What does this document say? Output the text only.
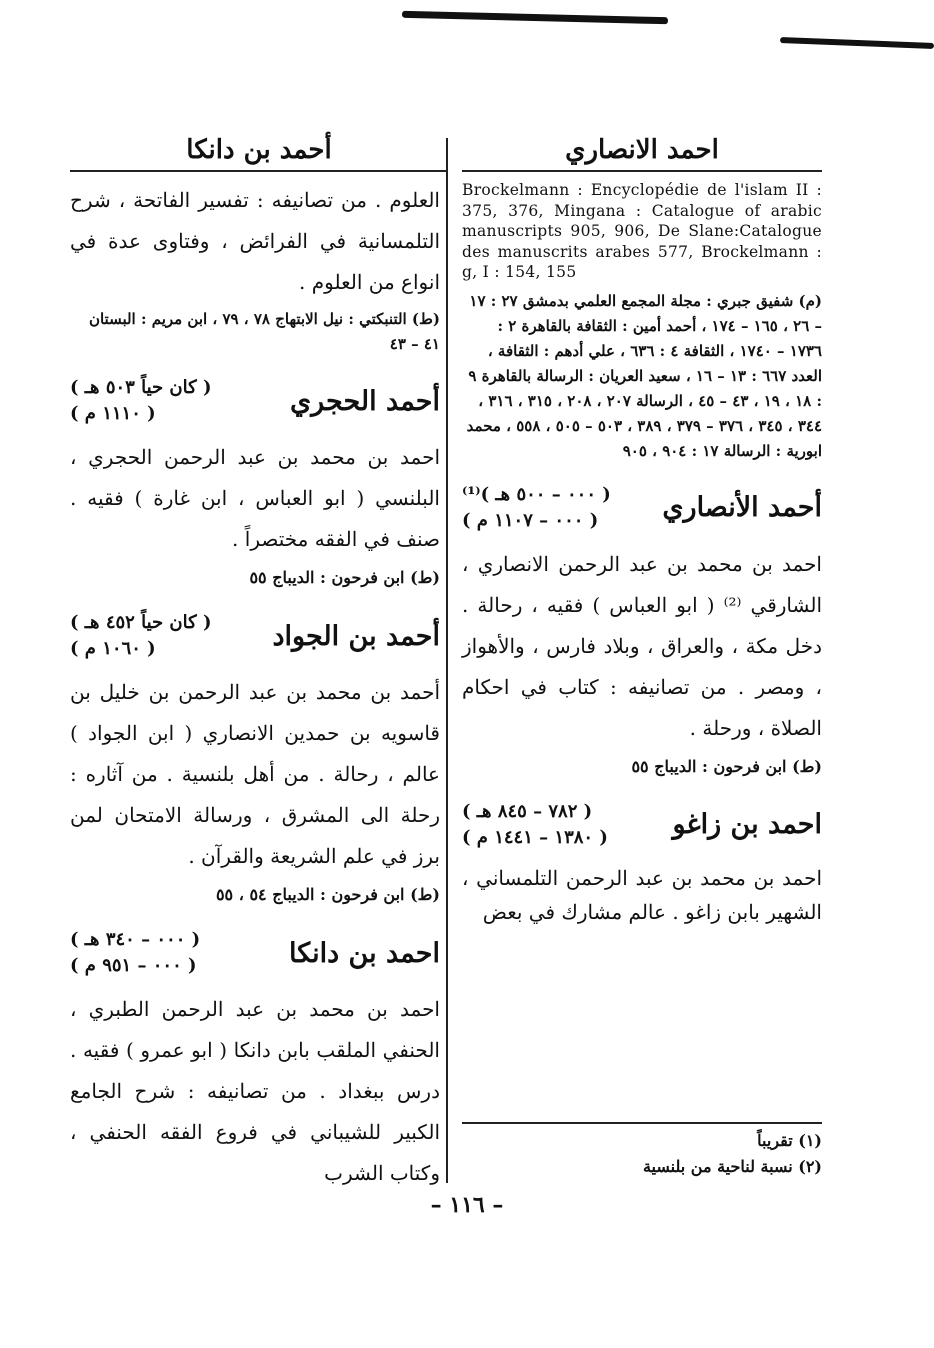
أحمد بن دانكا

العلوم . من تصانيفه : تفسير الفاتحة ، شرح التلمسانية في الفرائض ، وفتاوى عدة في انواع من العلوم .

(ط) التنبكتي : نيل الابتهاج ٧٨ ، ٧٩ ، ابن مريم : البستان ٤١ – ٤٣
أحمد الحجري
( كان حياً ٥٠٣ هـ )
( ١١١٠ م )

احمد بن محمد بن عبد الرحمن الحجري ، البلنسي ( ابو العباس ، ابن غارة ) فقيه . صنف في الفقه مختصراً .

(ط) ابن فرحون : الديباج ٥٥
أحمد بن الجواد
( كان حياً ٤٥٢ هـ )
( ١٠٦٠ م )

أحمد بن محمد بن عبد الرحمن بن خليل بن قاسويه بن حمدين الانصاري ( ابن الجواد ) عالم ، رحالة . من أهل بلنسية . من آثاره : رحلة الى المشرق ، ورسالة الامتحان لمن برز في علم الشريعة والقرآن .

(ط) ابن فرحون : الديباج ٥٤ ، ٥٥
احمد بن دانكا
( ٠٠٠ – ٣٤٠ هـ )
( ٠٠٠ – ٩٥١ م )

احمد بن محمد بن عبد الرحمن الطبري ، الحنفي الملقب بابن دانكا ( ابو عمرو ) فقيه . درس ببغداد . من تصانيفه : شرح الجامع الكبير للشيباني في فروع الفقه الحنفي ، وكتاب الشرب

احمد الانصاري
Brockelmann : Encyclopédie de l'islam II : 375, 376, Mingana : Catalogue of arabic manuscripts 905, 906, De Slane:Catalogue des manuscrits arabes 577, Brockelmann : g, I : 154, 155
(م) شفيق جبري : مجلة المجمع العلمي بدمشق ٢٧ : ١٧ – ٢٦ ، ١٦٥ – ١٧٤ ، أحمد أمين : الثقافة بالقاهرة ٢ : ١٧٣٦ – ١٧٤٠ ، الثقافة ٤ : ٦٣٦ ، علي أدهم : الثقافة ، العدد ٦٦٧ : ١٣ – ١٦ ، سعيد العريان : الرسالة بالقاهرة ٩ : ١٨ ، ١٩ ، ٤٣ – ٤٥ ، الرسالة ٢٠٧ ، ٢٠٨ ، ٣١٥ ، ٣١٦ ، ٣٤٤ ، ٣٤٥ ، ٣٧٦ – ٣٧٩ ، ٣٨٩ ، ٥٠٣ – ٥٠٥ ، ٥٥٨ ، محمد ابورية : الرسالة ١٧ : ٩٠٤ ، ٩٠٥
أحمد الأنصاري
( ٠٠٠ – ٥٠٠ هـ )⁽¹⁾
( ٠٠٠ – ١١٠٧ م )

احمد بن محمد بن عبد الرحمن الانصاري ، الشارقي ⁽²⁾ ( ابو العباس ) فقيه ، رحالة . دخل مكة ، والعراق ، وبلاد فارس ، والأهواز ، ومصر . من تصانيفه : كتاب في احكام الصلاة ، ورحلة .

(ط) ابن فرحون : الديباج ٥٥
احمد بن زاغو
( ٧٨٢ – ٨٤٥ هـ )
( ١٣٨٠ – ١٤٤١ م )

احمد بن محمد بن عبد الرحمن التلمساني ، الشهير بابن زاغو . عالم مشارك في بعض

(١) تقريباً
(٢) نسبة لناحية من بلنسية
– ١١٦ –
